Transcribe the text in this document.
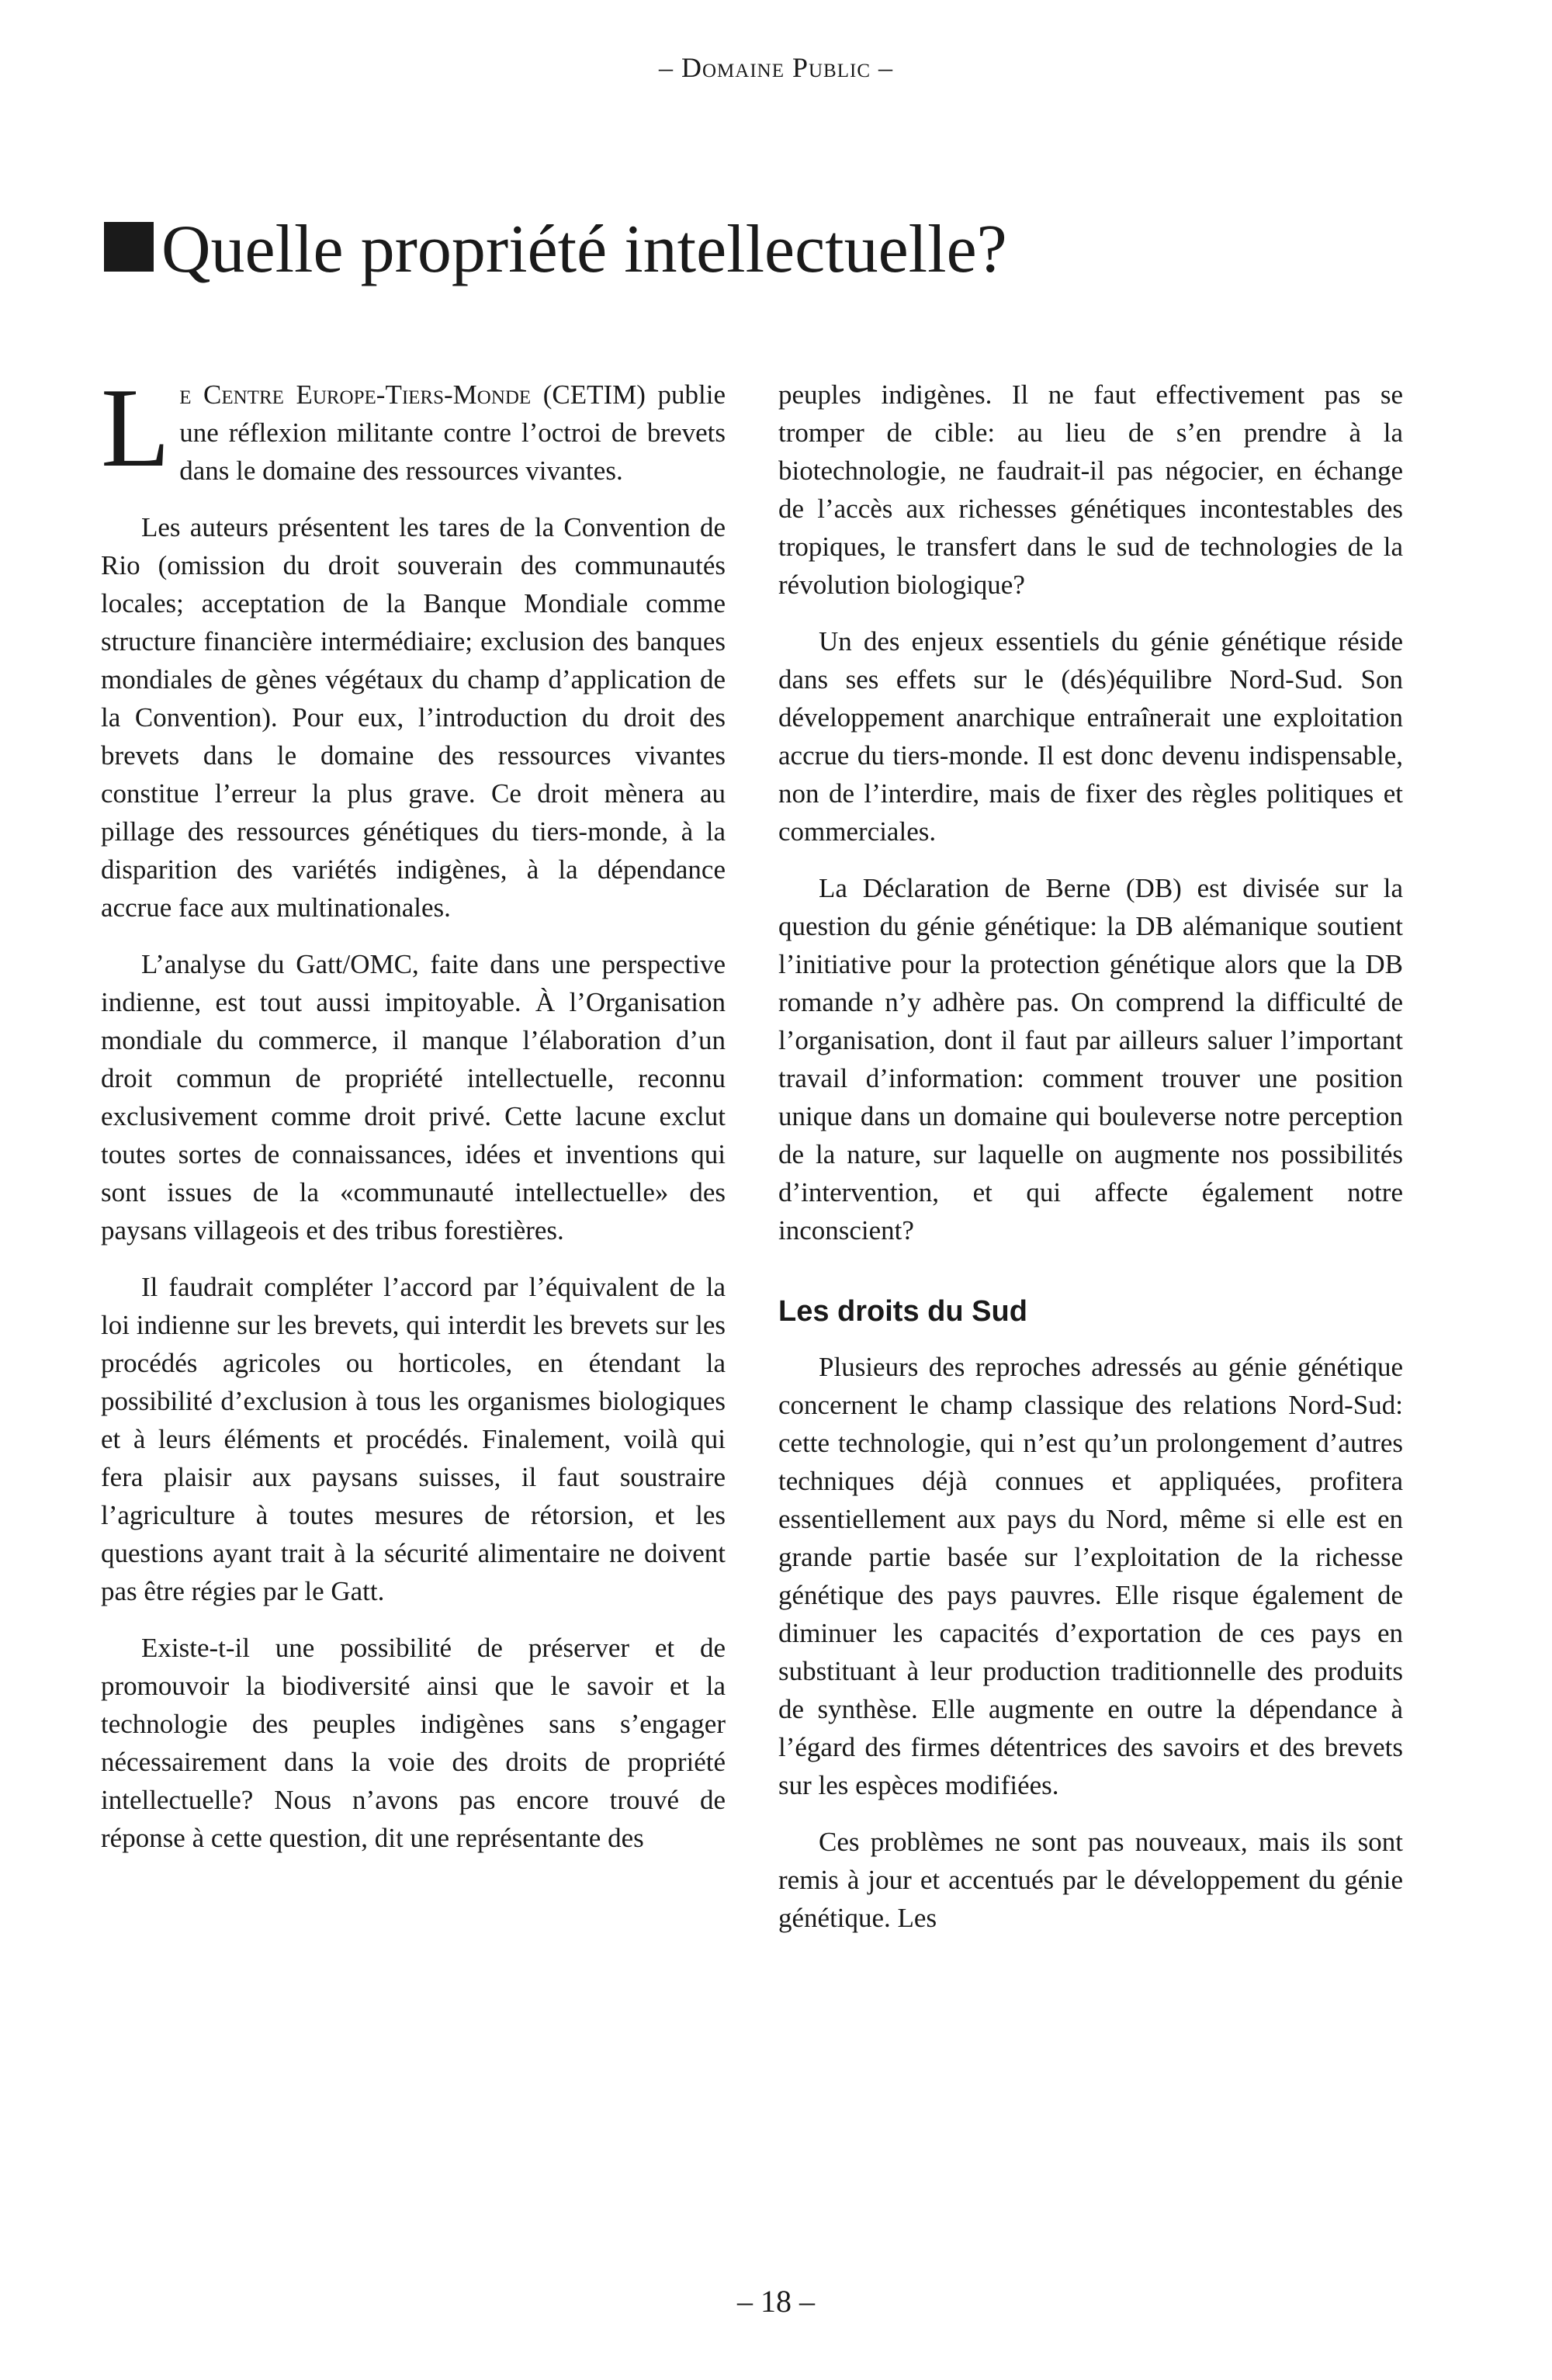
– Domaine Public –
Quelle propriété intellectuelle?

Le Centre Europe-Tiers-Monde (CETIM) publie une réflexion militante contre l’octroi de brevets dans le domaine des ressources vivantes.

Les auteurs présentent les tares de la Convention de Rio (omission du droit souverain des communautés locales; acceptation de la Banque Mondiale comme structure financière intermédiaire; exclusion des banques mondiales de gènes végétaux du champ d’application de la Convention). Pour eux, l’introduction du droit des brevets dans le domaine des ressources vivantes constitue l’erreur la plus grave. Ce droit mènera au pillage des ressources génétiques du tiers-monde, à la disparition des variétés indigènes, à la dépendance accrue face aux multinationales.

L’analyse du Gatt/OMC, faite dans une perspective indienne, est tout aussi impitoyable. À l’Organisation mondiale du commerce, il manque l’élaboration d’un droit commun de propriété intellectuelle, reconnu exclusivement comme droit privé. Cette lacune exclut toutes sortes de connaissances, idées et inventions qui sont issues de la «communauté intellectuelle» des paysans villageois et des tribus forestières.

Il faudrait compléter l’accord par l’équivalent de la loi indienne sur les brevets, qui interdit les brevets sur les procédés agricoles ou horticoles, en étendant la possibilité d’exclusion à tous les organismes biologiques et à leurs éléments et procédés. Finalement, voilà qui fera plaisir aux paysans suisses, il faut soustraire l’agriculture à toutes mesures de rétorsion, et les questions ayant trait à la sécurité alimentaire ne doivent pas être régies par le Gatt.

Existe-t-il une possibilité de préserver et de promouvoir la biodiversité ainsi que le savoir et la technologie des peuples indigènes sans s’engager nécessairement dans la voie des droits de propriété intellectuelle? Nous n’avons pas encore trouvé de réponse à cette question, dit une représentante des

peuples indigènes. Il ne faut effectivement pas se tromper de cible: au lieu de s’en prendre à la biotechnologie, ne faudrait-il pas négocier, en échange de l’accès aux richesses génétiques incontestables des tropiques, le transfert dans le sud de technologies de la révolution biologique?

Un des enjeux essentiels du génie génétique réside dans ses effets sur le (dés)équilibre Nord-Sud. Son développement anarchique entraînerait une exploitation accrue du tiers-monde. Il est donc devenu indispensable, non de l’interdire, mais de fixer des règles politiques et commerciales.

La Déclaration de Berne (DB) est divisée sur la question du génie génétique: la DB alémanique soutient l’initiative pour la protection génétique alors que la DB romande n’y adhère pas. On comprend la difficulté de l’organisation, dont il faut par ailleurs saluer l’important travail d’information: comment trouver une position unique dans un domaine qui bouleverse notre perception de la nature, sur laquelle on augmente nos possibilités d’intervention, et qui affecte également notre inconscient?

Les droits du Sud

Plusieurs des reproches adressés au génie génétique concernent le champ classique des relations Nord-Sud: cette technologie, qui n’est qu’un prolongement d’autres techniques déjà connues et appliquées, profitera essentiellement aux pays du Nord, même si elle est en grande partie basée sur l’exploitation de la richesse génétique des pays pauvres. Elle risque également de diminuer les capacités d’exportation de ces pays en substituant à leur production traditionnelle des produits de synthèse. Elle augmente en outre la dépendance à l’égard des firmes détentrices des savoirs et des brevets sur les espèces modifiées.

Ces problèmes ne sont pas nouveaux, mais ils sont remis à jour et accentués par le développement du génie génétique. Les

– 18 –
